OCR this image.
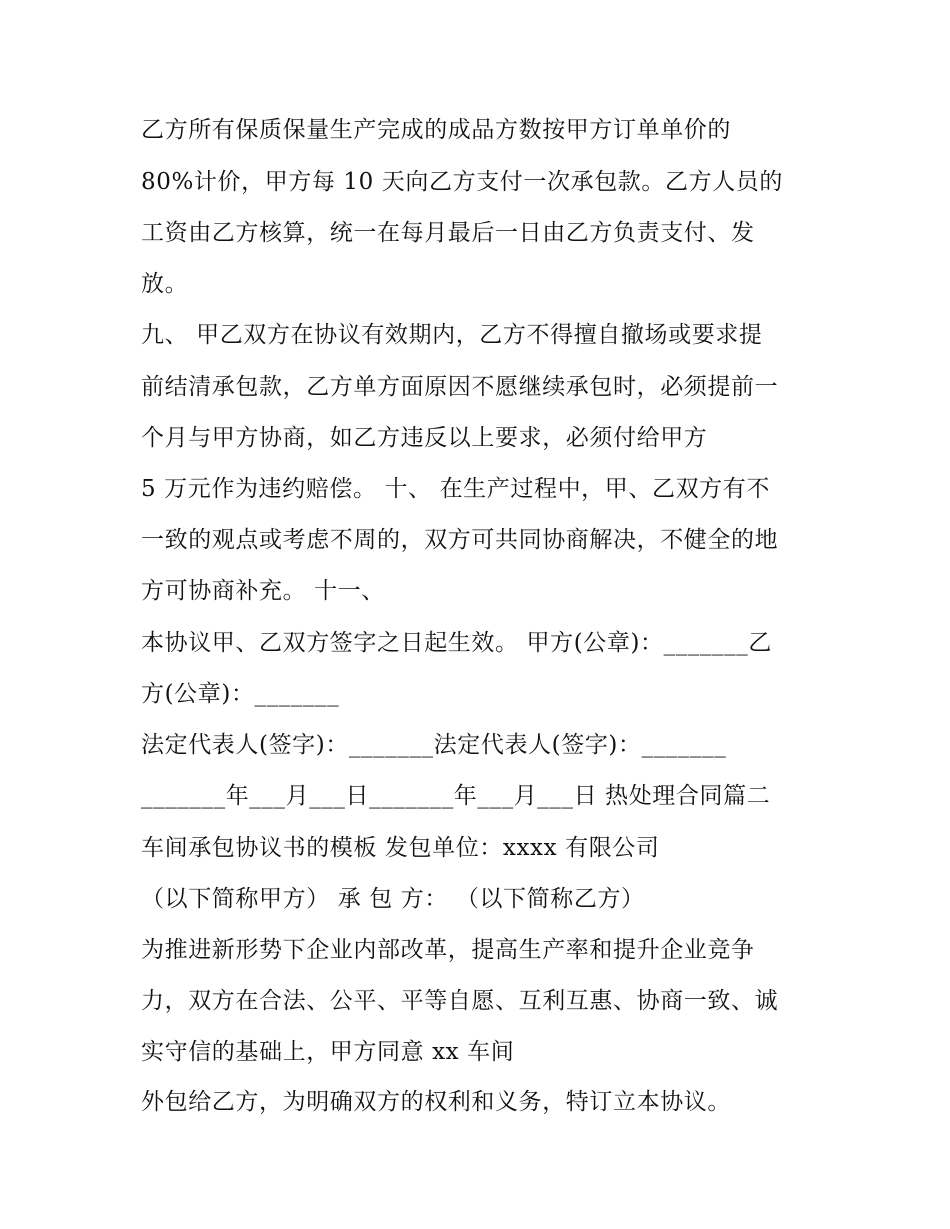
乙方所有保质保量生产完成的成品方数按甲方订单单价的
80%计价，甲方每 10 天向乙方支付一次承包款。乙方人员的
工资由乙方核算，统一在每月最后一日由乙方负责支付、发
放。
九、 甲乙双方在协议有效期内，乙方不得擅自撤场或要求提
前结清承包款，乙方单方面原因不愿继续承包时，必须提前一
个月与甲方协商，如乙方违反以上要求，必须付给甲方
5 万元作为违约赔偿。 十、 在生产过程中，甲、乙双方有不
一致的观点或考虑不周的，双方可共同协商解决，不健全的地
方可协商补充。 十一、
本协议甲、乙双方签字之日起生效。 甲方(公章)：_______乙
方(公章)：_______
法定代表人(签字)：_______法定代表人(签字)：_______
_______年___月___日_______年___月___日 热处理合同篇二
车间承包协议书的模板 发包单位：xxxx 有限公司
（以下简称甲方） 承 包 方： （以下简称乙方）
为推进新形势下企业内部改革，提高生产率和提升企业竞争
力，双方在合法、公平、平等自愿、互利互惠、协商一致、诚
实守信的基础上，甲方同意 xx 车间
外包给乙方，为明确双方的权利和义务，特订立本协议。
